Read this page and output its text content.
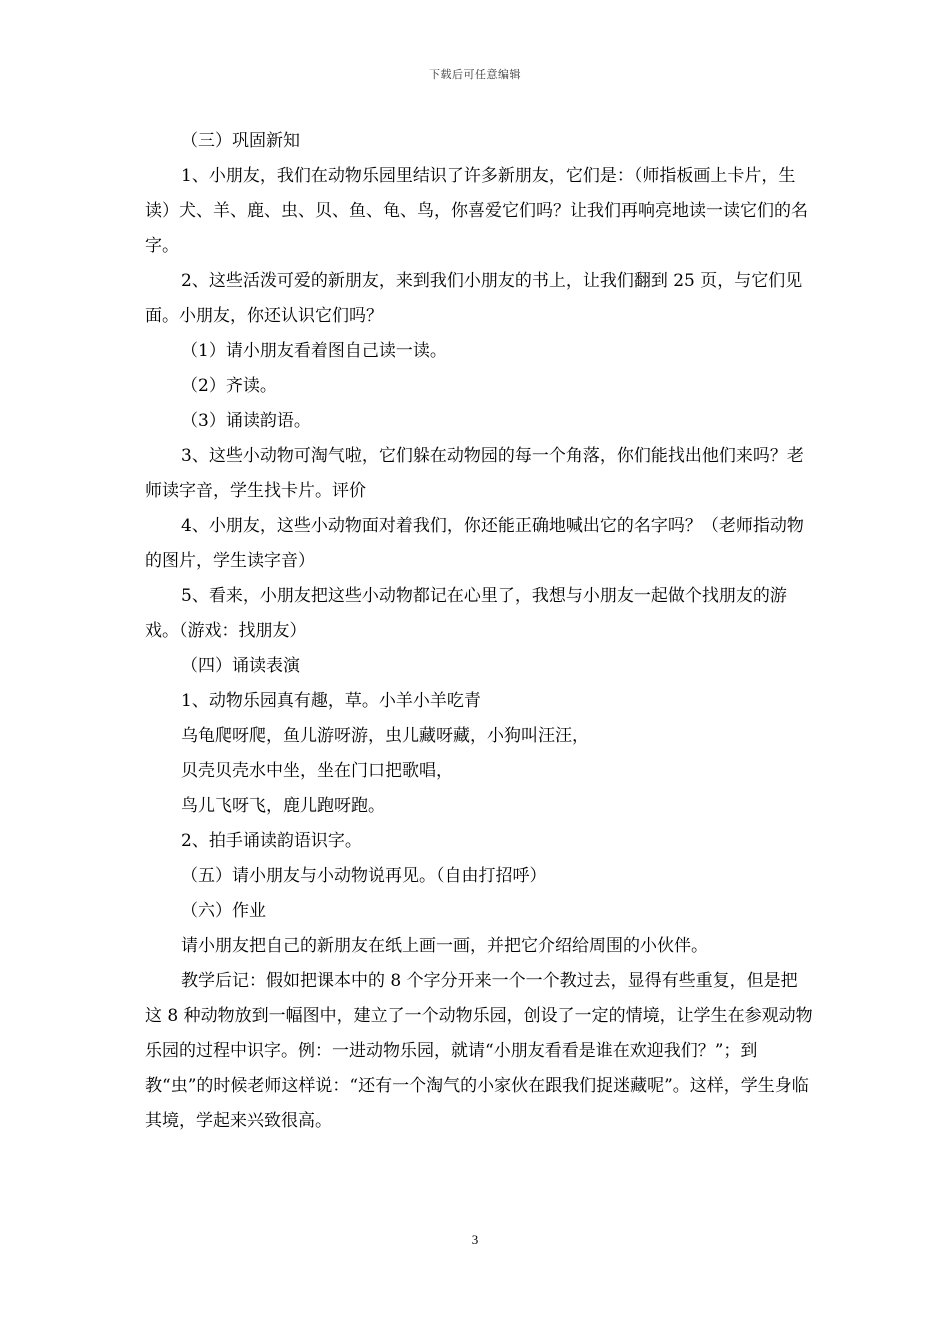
下载后可任意编辑

（三）巩固新知

1、小朋友，我们在动物乐园里结识了许多新朋友，它们是：（师指板画上卡片，生读）犬、羊、鹿、虫、贝、鱼、龟、鸟，你喜爱它们吗？让我们再响亮地读一读它们的名字。

2、这些活泼可爱的新朋友，来到我们小朋友的书上，让我们翻到 25 页，与它们见面。小朋友，你还认识它们吗？

（1）请小朋友看着图自己读一读。

（2）齐读。

（3）诵读韵语。

3、这些小动物可淘气啦，它们躲在动物园的每一个角落，你们能找出他们来吗？老师读字音，学生找卡片。评价

4、小朋友，这些小动物面对着我们，你还能正确地喊出它的名字吗？（老师指动物的图片，学生读字音）

5、看来，小朋友把这些小动物都记在心里了，我想与小朋友一起做个找朋友的游戏。（游戏：找朋友）

（四）诵读表演

1、动物乐园真有趣，草。小羊小羊吃青

乌龟爬呀爬，鱼儿游呀游，虫儿藏呀藏，小狗叫汪汪，

贝壳贝壳水中坐，坐在门口把歌唱，

鸟儿飞呀飞，鹿儿跑呀跑。

2、拍手诵读韵语识字。

（五）请小朋友与小动物说再见。（自由打招呼）

（六）作业

请小朋友把自己的新朋友在纸上画一画，并把它介绍给周围的小伙伴。

教学后记：假如把课本中的 8 个字分开来一个一个教过去，显得有些重复，但是把这 8 种动物放到一幅图中，建立了一个动物乐园，创设了一定的情境，让学生在参观动物乐园的过程中识字。例：一进动物乐园，就请“小朋友看看是谁在欢迎我们？”；到教“虫”的时候老师这样说：“还有一个淘气的小家伙在跟我们捉迷藏呢”。这样，学生身临其境，学起来兴致很高。

3
